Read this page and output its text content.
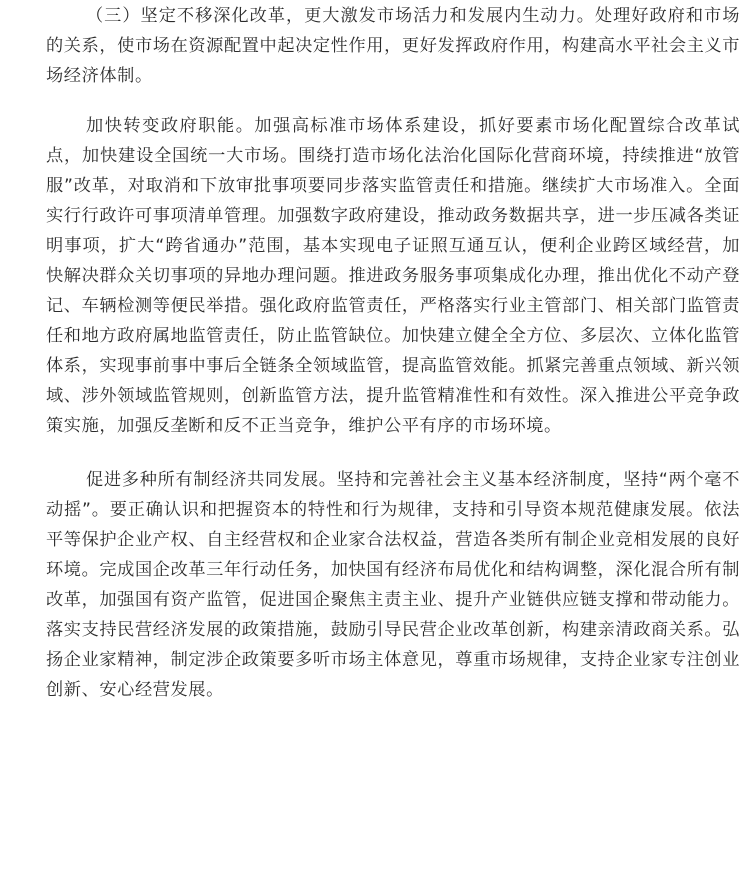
（三）坚定不移深化改革，更大激发市场活力和发展内生动力。处理好政府和市场的关系，使市场在资源配置中起决定性作用，更好发挥政府作用，构建高水平社会主义市场经济体制。

加快转变政府职能。加强高标准市场体系建设，抓好要素市场化配置综合改革试点，加快建设全国统一大市场。围绕打造市场化法治化国际化营商环境，持续推进“放管服”改革，对取消和下放审批事项要同步落实监管责任和措施。继续扩大市场准入。全面实行行政许可事项清单管理。加强数字政府建设，推动政务数据共享，进一步压减各类证明事项，扩大“跨省通办”范围，基本实现电子证照互通互认，便利企业跨区域经营，加快解决群众关切事项的异地办理问题。推进政务服务事项集成化办理，推出优化不动产登记、车辆检测等便民举措。强化政府监管责任，严格落实行业主管部门、相关部门监管责任和地方政府属地监管责任，防止监管缺位。加快建立健全全方位、多层次、立体化监管体系，实现事前事中事后全链条全领域监管，提高监管效能。抓紧完善重点领域、新兴领域、涉外领域监管规则，创新监管方法，提升监管精准性和有效性。深入推进公平竞争政策实施，加强反垄断和反不正当竞争，维护公平有序的市场环境。

促进多种所有制经济共同发展。坚持和完善社会主义基本经济制度，坚持“两个毫不动摇”。要正确认识和把握资本的特性和行为规律，支持和引导资本规范健康发展。依法平等保护企业产权、自主经营权和企业家合法权益，营造各类所有制企业竞相发展的良好环境。完成国企改革三年行动任务，加快国有经济布局优化和结构调整，深化混合所有制改革，加强国有资产监管，促进国企聚焦主责主业、提升产业链供应链支撑和带动能力。落实支持民营经济发展的政策措施，鼓励引导民营企业改革创新，构建亲清政商关系。弘扬企业家精神，制定涉企政策要多听市场主体意见，尊重市场规律，支持企业家专注创业创新、安心经营发展。
